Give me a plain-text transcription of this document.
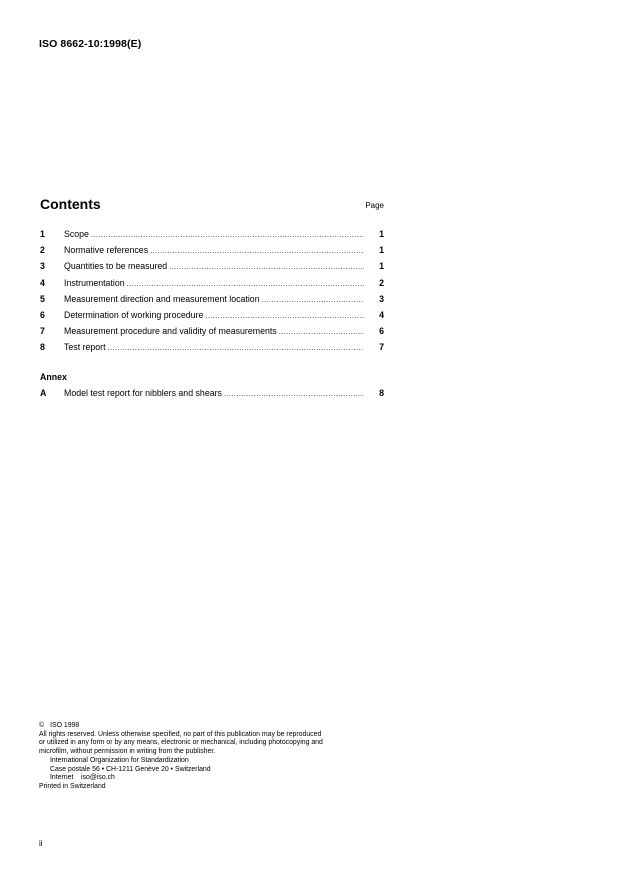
ISO 8662-10:1998(E)
Contents	Page
1	Scope .....	1
2	Normative references .....	1
3	Quantities to be measured .....	1
4	Instrumentation .....	2
5	Measurement direction and measurement location .....	3
6	Determination of working procedure .....	4
7	Measurement procedure and validity of measurements .....	6
8	Test report .....	7
Annex
A	Model test report for nibblers and shears .....	8
© ISO 1998
All rights reserved. Unless otherwise specified, no part of this publication may be reproduced
or utilized in any form or by any means, electronic or mechanical, including photocopying and
microfilm, without permission in writing from the publisher.
International Organization for Standardization
Case postale 56 • CH-1211 Genève 20 • Switzerland
Internet iso@iso.ch
Printed in Switzerland
ii
